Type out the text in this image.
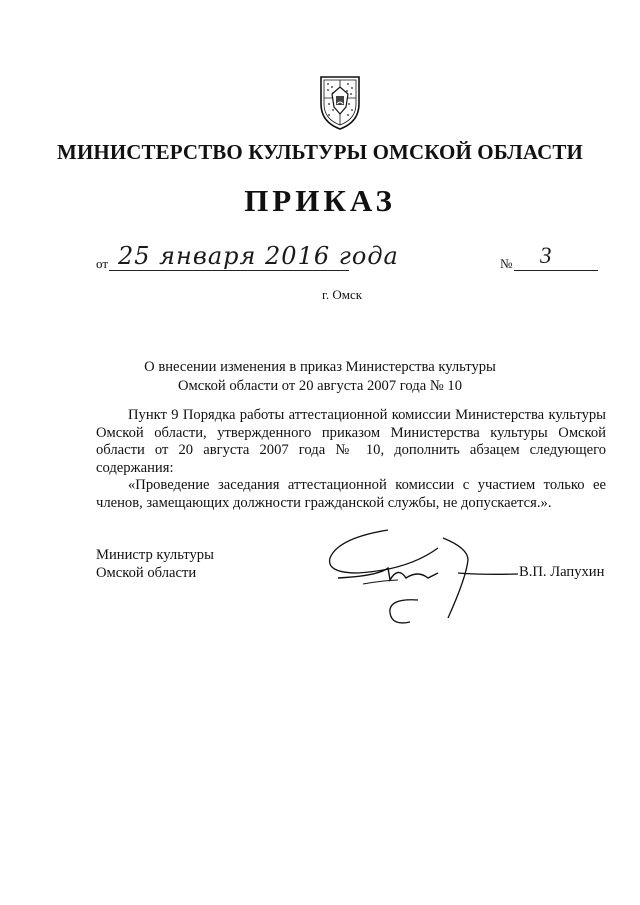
МИНИСТЕРСТВО КУЛЬТУРЫ ОМСКОЙ ОБЛАСТИ
ПРИКАЗ
от 25 января 2016 года	№ 3
г. Омск
О внесении изменения в приказ Министерства культуры
Омской области от 20 августа 2007 года № 10

Пункт 9 Порядка работы аттестационной комиссии Министерства культуры Омской области, утвержденного приказом Министерства культуры Омской области от 20 августа 2007 года № 10, дополнить абзацем следующего содержания:

«Проведение заседания аттестационной комиссии с участием только ее членов, замещающих должности гражданской службы, не допускается.».

Министр культуры
Омской области	В.П. Лапухин
